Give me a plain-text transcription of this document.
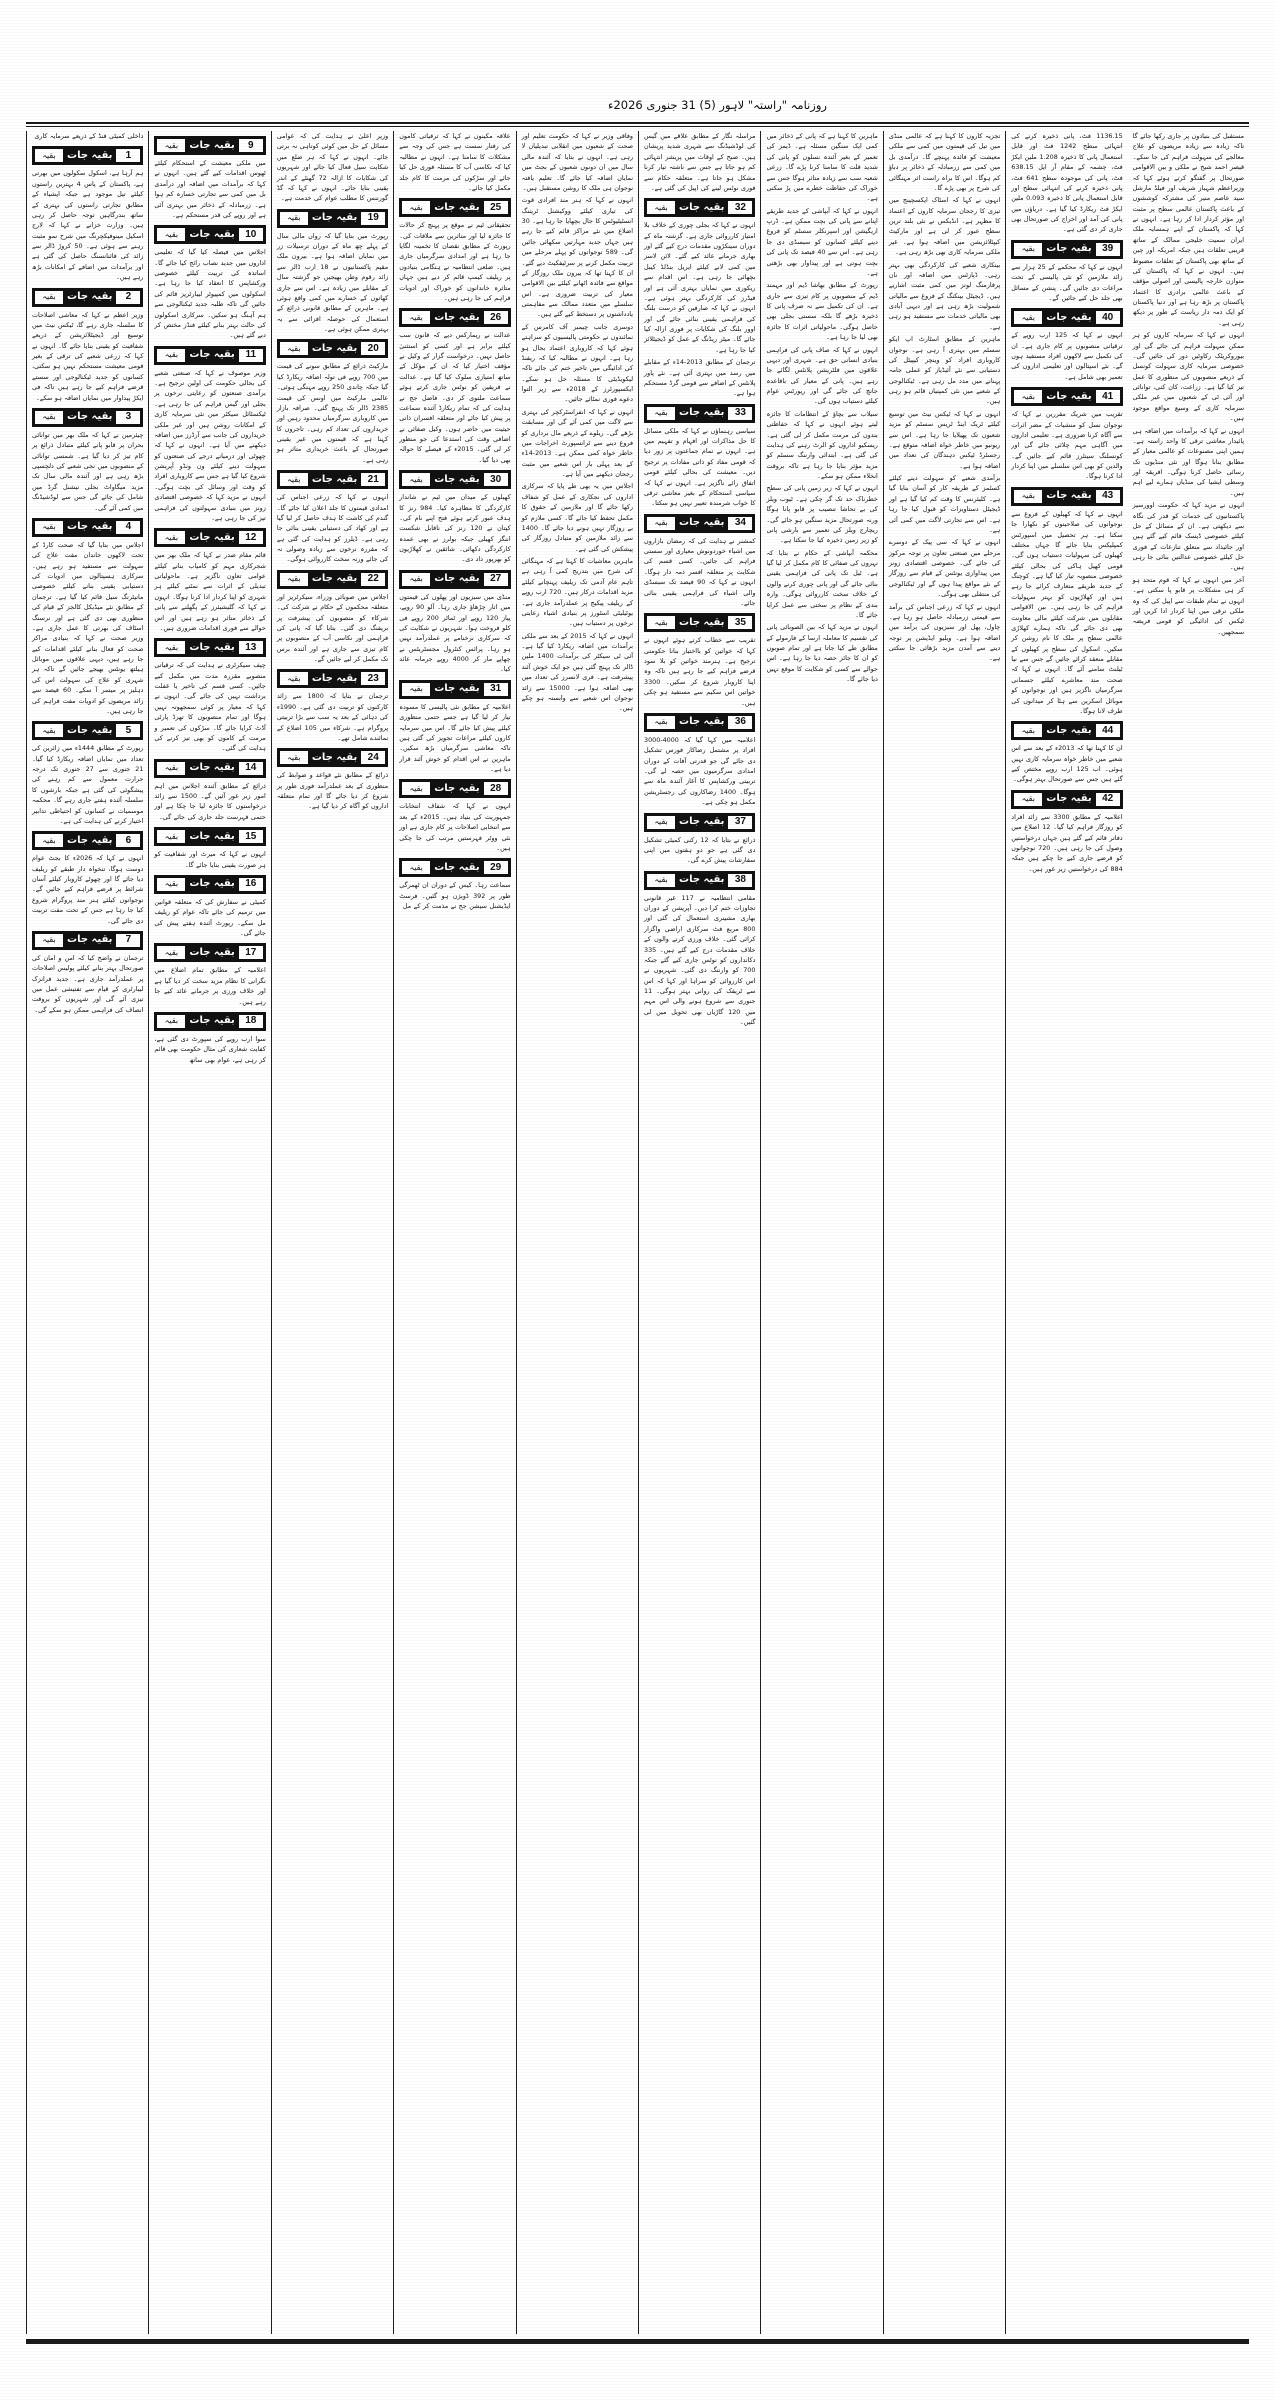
روزنامہ "راستہ" لاہور (5) 31 جنوری 2026ء

داخلی کمیٹی فنڈ کے ذریعے سرمایہ کاری

بقیہ	بقیہ جات	1

ہم آرہا ہے، اسکول سکولوں میں بھرتی ہے، پاکستان کے پاس 4 بہترین راستوں کیلئے تیل موجود ہے جبکہ ایشیاء کے مطابق تجارتی راستوں کی بہتری کے ساتھ بندرگاہیں توجہ حاصل کر رہی ہیں۔ وزارت خزانے نے کہا کہ لارج اسکیل مینوفیکچرنگ میں شرح نمو مثبت رہنے سے ہوئی ہے۔ 50 کروڑ ڈالر سے زائد کی فائنانسنگ حاصل کی گئی ہے اور برآمدات میں اضافے کے امکانات بڑھ رہے ہیں۔

بقیہ	بقیہ جات	2

وزیر اعظم نے کہا کہ معاشی اصلاحات کا سلسلہ جاری رہے گا، ٹیکس نیٹ میں توسیع اور ڈیجیٹلائزیشن کے ذریعے شفافیت کو یقینی بنایا جائے گا۔ انہوں نے کہا کہ زرعی شعبے کی ترقی کے بغیر قومی معیشت مستحکم نہیں ہو سکتی، کسانوں کو جدید ٹیکنالوجی اور سستے قرضے فراہم کیے جا رہے ہیں تاکہ فی ایکڑ پیداوار میں نمایاں اضافہ ہو سکے۔

بقیہ	بقیہ جات	3

چیئرمین نے کہا کہ ملک بھر میں توانائی بحران پر قابو پانے کیلئے متبادل ذرائع پر کام تیز کر دیا گیا ہے۔ شمسی توانائی کے منصوبوں میں نجی شعبے کی دلچسپی بڑھ رہی ہے اور آئندہ مالی سال تک مزید میگاواٹ بجلی نیشنل گرڈ میں شامل کی جائے گی جس سے لوڈشیڈنگ میں کمی آئے گی۔

بقیہ	بقیہ جات	4

اجلاس میں بتایا گیا کہ صحت کارڈ کے تحت لاکھوں خاندان مفت علاج کی سہولت سے مستفید ہو رہے ہیں۔ سرکاری ہسپتالوں میں ادویات کی دستیابی یقینی بنانے کیلئے خصوصی مانیٹرنگ سیل قائم کیا گیا ہے۔ ترجمان کے مطابق نئے میڈیکل کالجز کے قیام کی منظوری بھی دی گئی ہے اور نرسنگ اسٹاف کی بھرتی کا عمل جاری ہے۔ وزیر صحت نے کہا کہ بنیادی مراکز صحت کو فعال بنانے کیلئے اقدامات کیے جا رہے ہیں، دیہی علاقوں میں موبائل ہیلتھ یونٹس بھیجے جائیں گے تاکہ ہر شہری کو علاج کی سہولت اس کی دہلیز پر میسر آ سکے۔ 60 فیصد سے زائد مریضوں کو ادویات مفت فراہم کی جا رہی ہیں۔

بقیہ	بقیہ جات	5

رپورٹ کے مطابق 1444ء میں زائرین کی تعداد میں نمایاں اضافہ ریکارڈ کیا گیا۔ 21 جنوری سے 27 جنوری تک درجہ حرارت معمول سے کم رہنے کی پیشگوئی کی گئی ہے جبکہ بارشوں کا سلسلہ آئندہ ہفتے جاری رہے گا۔ محکمہ موسمیات نے کسانوں کو احتیاطی تدابیر اختیار کرنے کی ہدایت کی ہے۔

بقیہ	بقیہ جات	6

انہوں نے کہا کہ 2026ء کا بجٹ عوام دوست ہوگا، تنخواہ دار طبقے کو ریلیف دیا جائے گا اور چھوٹے کاروبار کیلئے آسان شرائط پر قرضے فراہم کیے جائیں گے۔ نوجوانوں کیلئے ہنر مند پروگرام شروع کیا جا رہا ہے جس کے تحت مفت تربیت دی جائے گی۔

بقیہ	بقیہ جات	7

ترجمان نے واضح کیا کہ امن و امان کی صورتحال بہتر بنانے کیلئے پولیس اصلاحات پر عملدرآمد جاری ہے۔ جدید فرانزک لیبارٹری کے قیام سے تفتیشی عمل میں تیزی آئے گی اور شہریوں کو بروقت انصاف کی فراہمی ممکن ہو سکے گی۔

بقیہ	بقیہ جات	9

میں ملکی معیشت کے استحکام کیلئے ٹھوس اقدامات کیے گئے ہیں۔ انہوں نے کہا کہ برآمدات میں اضافہ اور درآمدی بل میں کمی سے تجارتی خسارہ کم ہوا ہے۔ زرمبادلہ کے ذخائر میں بہتری آئی ہے اور روپے کی قدر مستحکم ہے۔

بقیہ	بقیہ جات	10

اجلاس میں فیصلہ کیا گیا کہ تعلیمی اداروں میں جدید نصاب رائج کیا جائے گا۔ اساتذہ کی تربیت کیلئے خصوصی ورکشاپس کا انعقاد کیا جا رہا ہے۔ اسکولوں میں کمپیوٹر لیبارٹریز قائم کی جائیں گی تاکہ طلبہ جدید ٹیکنالوجی سے ہم آہنگ ہو سکیں۔ سرکاری اسکولوں کی حالت بہتر بنانے کیلئے فنڈز مختص کر دیے گئے ہیں۔

بقیہ	بقیہ جات	11

وزیر موصوف نے کہا کہ صنعتی شعبے کی بحالی حکومت کی اولین ترجیح ہے۔ برآمدی صنعتوں کو رعایتی نرخوں پر بجلی اور گیس فراہم کی جا رہی ہے۔ ٹیکسٹائل سیکٹر میں نئی سرمایہ کاری کے امکانات روشن ہیں اور غیر ملکی خریداروں کی جانب سے آرڈرز میں اضافہ دیکھنے میں آیا ہے۔ انہوں نے کہا کہ چھوٹی اور درمیانے درجے کی صنعتوں کو سہولت دینے کیلئے ون ونڈو آپریشن شروع کیا گیا ہے جس سے کاروباری افراد کو وقت اور وسائل کی بچت ہوگی۔ انہوں نے مزید کہا کہ خصوصی اقتصادی زونز میں بنیادی سہولتوں کی فراہمی تیز کی جا رہی ہے۔

بقیہ	بقیہ جات	12

قائم مقام صدر نے کہا کہ ملک بھر میں شجرکاری مہم کو کامیاب بنانے کیلئے عوامی تعاون ناگزیر ہے۔ ماحولیاتی تبدیلی کے اثرات سے نمٹنے کیلئے ہر شہری کو اپنا کردار ادا کرنا ہوگا۔ انہوں نے کہا کہ گلیشیئرز کے پگھلنے سے پانی کے ذخائر متاثر ہو رہے ہیں اور اس حوالے سے فوری اقدامات ضروری ہیں۔

بقیہ	بقیہ جات	13

چیف سیکرٹری نے ہدایت کی کہ ترقیاتی منصوبے مقررہ مدت میں مکمل کیے جائیں۔ کسی قسم کی تاخیر یا غفلت برداشت نہیں کی جائے گی۔ انہوں نے کہا کہ معیار پر کوئی سمجھوتہ نہیں ہوگا اور تمام منصوبوں کا تھرڈ پارٹی آڈٹ کرایا جائے گا۔ سڑکوں کی تعمیر و مرمت کے کاموں کو بھی تیز کرنے کی ہدایت کی گئی۔

بقیہ	بقیہ جات	14

ذرائع کے مطابق آئندہ اجلاس میں اہم امور زیر غور آئیں گے۔ 1500 سے زائد درخواستوں کا جائزہ لیا جا چکا ہے اور حتمی فہرست جلد جاری کی جائے گی۔

بقیہ	بقیہ جات	15

انہوں نے کہا کہ میرٹ اور شفافیت کو ہر صورت یقینی بنایا جائے گا۔

بقیہ	بقیہ جات	16

کمیٹی نے سفارش کی کہ متعلقہ قوانین میں ترمیم کی جائے تاکہ عوام کو ریلیف مل سکے۔ رپورٹ آئندہ ہفتے پیش کی جائے گی۔

بقیہ	بقیہ جات	17

اعلامیہ کے مطابق تمام اضلاع میں نگرانی کا نظام مزید سخت کر دیا گیا ہے اور خلاف ورزی پر جرمانے عائد کیے جا رہے ہیں۔

بقیہ	بقیہ جات	18

سوا ارب روپے کی سپورٹ دی گئی ہے، کفایت شعاری کی مثال حکومت بھی قائم کر رہی ہے، عوام بھی ساتھ

وزیر اعلیٰ نے ہدایت کی کہ عوامی مسائل کے حل میں کوئی کوتاہی نہ برتی جائے۔ انہوں نے کہا کہ ہر ضلع میں شکایت سیل فعال کیا جائے اور شہریوں کی شکایات کا ازالہ 72 گھنٹے کے اندر یقینی بنایا جائے۔ انہوں نے کہا کہ گڈ گورننس کا مطلب عوام کی خدمت ہے۔

بقیہ	بقیہ جات	19

رپورٹ میں بتایا گیا کہ رواں مالی سال کے پہلے چھ ماہ کے دوران ترسیلات زر میں نمایاں اضافہ ہوا ہے۔ بیرون ملک مقیم پاکستانیوں نے 18 ارب ڈالر سے زائد رقوم وطن بھیجیں جو گزشتہ سال کے مقابلے میں زیادہ ہے۔ اس سے جاری کھاتوں کے خسارے میں کمی واقع ہوئی ہے۔ ماہرین کے مطابق قانونی ذرائع کے استعمال کی حوصلہ افزائی سے یہ بہتری ممکن ہوئی ہے۔

بقیہ	بقیہ جات	20

مارکیٹ ذرائع کے مطابق سونے کی قیمت میں 700 روپے فی تولہ اضافہ ریکارڈ کیا گیا جبکہ چاندی 250 روپے مہنگی ہوئی۔ عالمی مارکیٹ میں اونس کی قیمت 2385 ڈالر تک پہنچ گئی۔ صرافہ بازار میں کاروباری سرگرمیاں محدود رہیں اور خریداروں کی تعداد کم رہی۔ تاجروں کا کہنا ہے کہ قیمتوں میں غیر یقینی صورتحال کے باعث خریداری متاثر ہو رہی ہے۔

بقیہ	بقیہ جات	21

انہوں نے کہا کہ زرعی اجناس کی امدادی قیمتوں کا جلد اعلان کیا جائے گا۔ گندم کی کاشت کا ہدف حاصل کر لیا گیا ہے اور کھاد کی دستیابی یقینی بنائی جا رہی ہے۔ ڈیلرز کو ہدایت کی گئی ہے کہ مقررہ نرخوں سے زیادہ وصولی نہ کی جائے ورنہ سخت کارروائی ہوگی۔

بقیہ	بقیہ جات	22

اجلاس میں صوبائی وزراء، سیکرٹریز اور متعلقہ محکموں کے حکام نے شرکت کی۔ شرکاء کو منصوبوں کی پیشرفت پر بریفنگ دی گئی۔ بتایا گیا کہ پانی کی فراہمی اور نکاسی آب کے منصوبوں پر کام تیزی سے جاری ہے اور آئندہ برس تک مکمل کر لیے جائیں گے۔

بقیہ	بقیہ جات	23

ترجمان نے بتایا کہ 1800 سے زائد کارکنوں کو تربیت دی گئی ہے۔ 1990ء کی دہائی کے بعد یہ سب سے بڑا تربیتی پروگرام ہے۔ شرکاء میں 105 اضلاع کے نمائندے شامل تھے۔

بقیہ	بقیہ جات	24

ذرائع کے مطابق نئے قواعد و ضوابط کی منظوری کے بعد عملدرآمد فوری طور پر شروع کر دیا جائے گا اور تمام متعلقہ اداروں کو آگاہ کر دیا گیا ہے۔

علاقہ مکینوں نے کہا کہ ترقیاتی کاموں کی رفتار سست ہے جس کی وجہ سے مشکلات کا سامنا ہے۔ انہوں نے مطالبہ کیا کہ نکاسی آب کا مسئلہ فوری حل کیا جائے اور سڑکوں کی مرمت کا کام جلد مکمل کیا جائے۔

بقیہ	بقیہ جات	25

تحقیقاتی ٹیم نے موقع پر پہنچ کر حالات کا جائزہ لیا اور متاثرین سے ملاقات کی۔ رپورٹ کے مطابق نقصان کا تخمینہ لگایا جا رہا ہے اور امدادی سرگرمیاں جاری ہیں۔ ضلعی انتظامیہ نے ہنگامی بنیادوں پر ریلیف کیمپ قائم کر دیے ہیں جہاں متاثرہ خاندانوں کو خوراک اور ادویات فراہم کی جا رہی ہیں۔

بقیہ	بقیہ جات	26

عدالت نے ریمارکس دیے کہ قانون سب کیلئے برابر ہے اور کسی کو استثنیٰ حاصل نہیں۔ درخواست گزار کے وکیل نے مؤقف اختیار کیا کہ ان کے مؤکل کے ساتھ امتیازی سلوک کیا گیا ہے۔ عدالت نے فریقین کو نوٹس جاری کرتے ہوئے سماعت ملتوی کر دی۔ فاضل جج نے ہدایت کی کہ تمام ریکارڈ آئندہ سماعت پر پیش کیا جائے اور متعلقہ افسران ذاتی حیثیت میں حاضر ہوں۔ وکیل صفائی نے اضافی وقت کی استدعا کی جو منظور کر لی گئی۔ 2015ء کے فیصلے کا حوالہ بھی دیا گیا۔

بقیہ	بقیہ جات	30

کھیلوں کے میدان میں ٹیم نے شاندار کارکردگی کا مظاہرہ کیا۔ 984 رنز کا ہدف عبور کرتے ہوئے فتح اپنے نام کی۔ کپتان نے 120 رنز کی ناقابل شکست اننگز کھیلی جبکہ بولرز نے بھی عمدہ کارکردگی دکھائی۔ شائقین نے کھلاڑیوں کو بھرپور داد دی۔

بقیہ	بقیہ جات	27

منڈی میں سبزیوں اور پھلوں کی قیمتوں میں اتار چڑھاؤ جاری رہا۔ آلو 90 روپے، پیاز 120 روپے اور ٹماٹر 200 روپے فی کلو فروخت ہوا۔ شہریوں نے شکایت کی کہ سرکاری نرخنامے پر عملدرآمد نہیں ہو رہا۔ پرائس کنٹرول مجسٹریٹس نے چھاپے مار کر 4000 روپے جرمانہ عائد کیا۔

بقیہ	بقیہ جات	31

اعلامیہ کے مطابق نئی پالیسی کا مسودہ تیار کر لیا گیا ہے جسے حتمی منظوری کیلئے پیش کیا جائے گا۔ اس میں سرمایہ کاروں کیلئے مراعات تجویز کی گئی ہیں تاکہ معاشی سرگرمیاں بڑھ سکیں۔ ماہرین نے اس اقدام کو خوش آئند قرار دیا ہے۔

بقیہ	بقیہ جات	28

انہوں نے کہا کہ شفاف انتخابات جمہوریت کی بنیاد ہیں۔ 2015ء کے بعد سے انتخابی اصلاحات پر کام جاری ہے اور نئی ووٹر فہرستیں مرتب کی جا چکی ہیں۔

بقیہ	بقیہ جات	29

سماعت رہا۔ کیس کے دوران ان ٹھمرگی طور پر 392 ڈویژن ہو گئیں۔ فرسٹ ایڈیشنل سیشن جج نے مذمت کر کے مل

وفاقی وزیر نے کہا کہ حکومت تعلیم اور صحت کے شعبوں میں انقلابی تبدیلیاں لا رہی ہے۔ انہوں نے بتایا کہ آئندہ مالی سال میں ان دونوں شعبوں کے بجٹ میں نمایاں اضافہ کیا جائے گا۔ تعلیم یافتہ نوجوان ہی ملک کا روشن مستقبل ہیں۔

انہوں نے کہا کہ ہنر مند افرادی قوت کی تیاری کیلئے ووکیشنل ٹریننگ انسٹیٹیوٹس کا جال بچھایا جا رہا ہے۔ 30 اضلاع میں نئے مراکز قائم کیے جا رہے ہیں جہاں جدید مہارتیں سکھائی جائیں گی۔ 589 نوجوانوں کو پہلے مرحلے میں تربیت مکمل کرنے پر سرٹیفکیٹ دیے گئے۔ ان کا کہنا تھا کہ بیرون ملک روزگار کے مواقع سے فائدہ اٹھانے کیلئے بین الاقوامی معیار کی تربیت ضروری ہے۔ اس سلسلے میں متعدد ممالک سے مفاہمتی یادداشتوں پر دستخط کیے گئے ہیں۔

دوسری جانب چیمبر آف کامرس کے نمائندوں نے حکومتی پالیسیوں کو سراہتے ہوئے کہا کہ کاروباری اعتماد بحال ہو رہا ہے۔ انہوں نے مطالبہ کیا کہ ریفنڈ کی ادائیگی میں تاخیر ختم کی جائے تاکہ لیکویڈیٹی کا مسئلہ حل ہو سکے۔ ایکسپورٹرز کے 2018ء سے زیر التوا دعوے فوری نمٹائے جائیں۔

انہوں نے کہا کہ انفراسٹرکچر کی بہتری سے لاگت میں کمی آئے گی اور مسابقت بڑھے گی۔ ریلوے کے ذریعے مال برداری کو فروغ دینے سے ٹرانسپورٹ اخراجات میں خاطر خواہ کمی ممکن ہے۔ 2013-14ء کے بعد پہلی بار اس شعبے میں مثبت رجحان دیکھنے میں آیا ہے۔

اجلاس میں یہ بھی طے پایا کہ سرکاری اداروں کی نجکاری کے عمل کو شفاف رکھا جائے گا اور ملازمین کے حقوق کا مکمل تحفظ کیا جائے گا۔ کسی ملازم کو بے روزگار نہیں ہونے دیا جائے گا۔ 1400 سے زائد ملازمین کو متبادل روزگار کی پیشکش کی گئی ہے۔

ماہرین معاشیات کا کہنا ہے کہ مہنگائی کی شرح میں بتدریج کمی آ رہی ہے تاہم عام آدمی تک ریلیف پہنچانے کیلئے مزید اقدامات درکار ہیں۔ 720 ارب روپے کے ریلیف پیکیج پر عملدرآمد جاری ہے۔ یوٹیلیٹی اسٹورز پر بنیادی اشیاء رعایتی نرخوں پر دستیاب ہیں۔

انہوں نے کہا کہ 2015 کے بعد سے ملکی برآمدات میں اضافہ ریکارڈ کیا گیا ہے۔ آئی ٹی سیکٹر کی برآمدات 1400 ملین ڈالر تک پہنچ گئی ہیں جو ایک خوش آئند پیشرفت ہے۔ فری لانسرز کی تعداد میں بھی اضافہ ہوا ہے۔ 15000 سے زائد نوجوان اس شعبے سے وابستہ ہو چکے ہیں۔

مراسلہ نگار کے مطابق علاقے میں گیس کی لوڈشیڈنگ سے شہری شدید پریشان ہیں۔ صبح کے اوقات میں پریشر انتہائی کم ہو جاتا ہے جس سے ناشتہ تیار کرنا مشکل ہو جاتا ہے۔ متعلقہ حکام سے فوری نوٹس لینے کی اپیل کی گئی ہے۔

بقیہ	بقیہ جات	32

انہوں نے کہا کہ بجلی چوری کے خلاف بلا امتیاز کارروائی جاری ہے۔ گزشتہ ماہ کے دوران سینکڑوں مقدمات درج کیے گئے اور بھاری جرمانے عائد کیے گئے۔ لائن لاسز میں کمی لانے کیلئے ایریل بنڈلڈ کیبل بچھائی جا رہی ہے۔ اس اقدام سے ریکوری میں نمایاں بہتری آئی ہے اور فیڈرز کی کارکردگی بہتر ہوئی ہے۔ انہوں نے کہا کہ صارفین کو درست بلنگ کی فراہمی یقینی بنائی جائے گی اور اوور بلنگ کی شکایات پر فوری ازالہ کیا جائے گا۔ میٹر ریڈنگ کے عمل کو ڈیجیٹلائز کیا جا رہا ہے۔

ترجمان کے مطابق 2013-14ء کے مقابلے میں رسد میں بہتری آئی ہے۔ نئے پاور پلانٹس کے اضافے سے قومی گرڈ مستحکم ہوا ہے۔

بقیہ	بقیہ جات	33

سیاسی رہنماؤں نے کہا کہ ملکی مسائل کا حل مذاکرات اور افہام و تفہیم میں ہے۔ انہوں نے تمام جماعتوں پر زور دیا کہ قومی مفاد کو ذاتی مفادات پر ترجیح دیں۔ معیشت کی بحالی کیلئے قومی اتفاق رائے ناگزیر ہے۔ انہوں نے کہا کہ سیاسی استحکام کے بغیر معاشی ترقی کا خواب شرمندہ تعبیر نہیں ہو سکتا۔

بقیہ	بقیہ جات	34

کمشنر نے ہدایت کی کہ رمضان بازاروں میں اشیاء خوردونوش معیاری اور سستی فراہم کی جائیں۔ کسی قسم کی شکایت پر متعلقہ افسر ذمہ دار ہوگا۔ انہوں نے کہا کہ 90 فیصد تک سبسڈی والی اشیاء کی فراہمی یقینی بنائی جائے۔

بقیہ	بقیہ جات	35

تقریب سے خطاب کرتے ہوئے انہوں نے کہا کہ خواتین کو بااختیار بنانا حکومتی ترجیح ہے۔ ہنرمند خواتین کو بلا سود قرضے فراہم کیے جا رہے ہیں تاکہ وہ اپنا کاروبار شروع کر سکیں۔ 3300 خواتین اس سکیم سے مستفید ہو چکی ہیں۔

بقیہ	بقیہ جات	36

اعلامیہ میں کہا گیا کہ 4000-3000 افراد پر مشتمل رضاکار فورس تشکیل دی جائے گی جو قدرتی آفات کے دوران امدادی سرگرمیوں میں حصہ لے گی۔ تربیتی ورکشاپس کا آغاز آئندہ ماہ سے ہوگا۔ 1400 رضاکاروں کی رجسٹریشن مکمل ہو چکی ہے۔

بقیہ	بقیہ جات	37

ذرائع نے بتایا کہ 12 رکنی کمیٹی تشکیل دی گئی ہے جو دو ہفتوں میں اپنی سفارشات پیش کرے گی۔

بقیہ	بقیہ جات	38

مقامی انتظامیہ نے 117 غیر قانونی تجاوزات ختم کرا دیں۔ آپریشن کے دوران بھاری مشینری استعمال کی گئی اور 800 مربع فٹ سرکاری اراضی واگزار کرائی گئی۔ خلاف ورزی کرنے والوں کے خلاف مقدمات درج کیے گئے ہیں۔ 335 دکانداروں کو نوٹس جاری کیے گئے جبکہ 700 کو وارننگ دی گئی۔ شہریوں نے اس کارروائی کو سراہا اور کہا کہ اس سے ٹریفک کی روانی بہتر ہوگی۔ 11 جنوری سے شروع ہونے والی اس مہم میں 120 گاڑیاں بھی تحویل میں لی گئیں۔

ماہرین کا کہنا ہے کہ پانی کے ذخائر میں کمی ایک سنگین مسئلہ ہے۔ ڈیمز کی تعمیر کے بغیر آئندہ نسلوں کو پانی کی شدید قلت کا سامنا کرنا پڑے گا۔ زرعی شعبہ سب سے زیادہ متاثر ہوگا جس سے خوراک کی حفاظت خطرے میں پڑ سکتی ہے۔

انہوں نے کہا کہ آبپاشی کے جدید طریقے اپنانے سے پانی کی بچت ممکن ہے۔ ڈرپ اریگیشن اور اسپرنکلر سسٹم کو فروغ دینے کیلئے کسانوں کو سبسڈی دی جا رہی ہے۔ اس سے 40 فیصد تک پانی کی بچت ہوتی ہے اور پیداوار بھی بڑھتی ہے۔

رپورٹ کے مطابق بھاشا ڈیم اور مہمند ڈیم کے منصوبوں پر کام تیزی سے جاری ہے۔ ان کی تکمیل سے نہ صرف پانی کا ذخیرہ بڑھے گا بلکہ سستی بجلی بھی حاصل ہوگی۔ ماحولیاتی اثرات کا جائزہ بھی لیا جا رہا ہے۔

انہوں نے کہا کہ صاف پانی کی فراہمی بنیادی انسانی حق ہے۔ شہری اور دیہی علاقوں میں فلٹریشن پلانٹس لگائے جا رہے ہیں۔ پانی کے معیار کی باقاعدہ جانچ کی جائے گی اور رپورٹس عوام کیلئے دستیاب ہوں گی۔

سیلاب سے بچاؤ کے انتظامات کا جائزہ لیتے ہوئے انہوں نے کہا کہ حفاظتی بندوں کی مرمت مکمل کر لی گئی ہے۔ ریسکیو اداروں کو الرٹ رہنے کی ہدایت کی گئی ہے۔ ابتدائی وارننگ سسٹم کو مزید مؤثر بنایا جا رہا ہے تاکہ بروقت انخلاء ممکن ہو سکے۔

انہوں نے کہا کہ زیر زمین پانی کی سطح خطرناک حد تک گر چکی ہے۔ ٹیوب ویلز کی بے تحاشا تنصیب پر قابو پانا ہوگا ورنہ صورتحال مزید سنگین ہو جائے گی۔ ریچارج ویلز کی تعمیر سے بارشی پانی کو زیر زمین ذخیرہ کیا جا سکتا ہے۔

محکمہ آبپاشی کے حکام نے بتایا کہ نہروں کی صفائی کا کام مکمل کر لیا گیا ہے۔ ٹیل تک پانی کی فراہمی یقینی بنائی جائے گی اور پانی چوری کرنے والوں کے خلاف سخت کارروائی ہوگی۔ وارہ بندی کے نظام پر سختی سے عمل کرایا جائے گا۔

انہوں نے مزید کہا کہ بین الصوبائی پانی کی تقسیم کا معاملہ ارسا کے فارمولے کے مطابق طے کیا جاتا ہے اور تمام صوبوں کو ان کا جائز حصہ دیا جا رہا ہے۔ اس حوالے سے کسی کو شکایت کا موقع نہیں دیا جائے گا۔

تجزیہ کاروں کا کہنا ہے کہ عالمی منڈی میں تیل کی قیمتوں میں کمی سے ملکی معیشت کو فائدہ پہنچے گا۔ درآمدی بل میں کمی سے زرمبادلہ کے ذخائر پر دباؤ کم ہوگا۔ اس کا براہ راست اثر مہنگائی کی شرح پر بھی پڑے گا۔

انہوں نے کہا کہ اسٹاک ایکسچینج میں تیزی کا رجحان سرمایہ کاروں کے اعتماد کا مظہر ہے۔ انڈیکس نے نئی بلند ترین سطح عبور کر لی ہے اور مارکیٹ کیپٹلائزیشن میں اضافہ ہوا ہے۔ غیر ملکی سرمایہ کاری بھی بڑھ رہی ہے۔

بینکاری شعبے کی کارکردگی بھی بہتر رہی۔ ڈپازٹس میں اضافہ اور نان پرفارمنگ لونز میں کمی مثبت اشاریے ہیں۔ ڈیجیٹل بینکنگ کے فروغ سے مالیاتی شمولیت بڑھ رہی ہے اور دیہی آبادی بھی مالیاتی خدمات سے مستفید ہو رہی ہے۔

ماہرین کے مطابق اسٹارٹ اپ ایکو سسٹم میں بہتری آ رہی ہے۔ نوجوان کاروباری افراد کو وینچر کیپیٹل کی دستیابی سے نئے آئیڈیاز کو عملی جامہ پہنانے میں مدد مل رہی ہے۔ ٹیکنالوجی کے شعبے میں نئی کمپنیاں قائم ہو رہی ہیں۔

انہوں نے کہا کہ ٹیکس نیٹ میں توسیع کیلئے ٹریک اینڈ ٹریس سسٹم کو مزید شعبوں تک پھیلایا جا رہا ہے۔ اس سے ریونیو میں خاطر خواہ اضافہ متوقع ہے۔ رجسٹرڈ ٹیکس دہندگان کی تعداد میں اضافہ ہوا ہے۔

برآمدی شعبے کو سہولت دینے کیلئے کسٹمز کے طریقہ کار کو آسان بنایا گیا ہے۔ کلیئرنس کا وقت کم کیا گیا ہے اور ڈیجیٹل دستاویزات کو قبول کیا جا رہا ہے۔ اس سے تجارتی لاگت میں کمی آئی ہے۔

انہوں نے کہا کہ سی پیک کے دوسرے مرحلے میں صنعتی تعاون پر توجہ مرکوز کی جائے گی۔ خصوصی اقتصادی زونز میں پیداواری یونٹس کے قیام سے روزگار کے نئے مواقع پیدا ہوں گے اور ٹیکنالوجی کی منتقلی بھی ہوگی۔

انہوں نے کہا کہ زرعی اجناس کی برآمد سے قیمتی زرمبادلہ حاصل ہو رہا ہے۔ چاول، پھل اور سبزیوں کی برآمد میں اضافہ ہوا ہے۔ ویلیو ایڈیشن پر توجہ دینے سے آمدن مزید بڑھائی جا سکتی ہے۔

1136.15 فٹ، پانی ذخیرہ کرنے کی انتہائی سطح 1242 فٹ اور قابل استعمال پانی کا ذخیرہ 1.208 ملین ایکڑ فٹ، چشمہ کے مقام آر ایل 638.15 فٹ، پانی کی موجودہ سطح 641 فٹ، پانی ذخیرہ کرنے کی انتہائی سطح اور قابل استعمال پانی کا ذخیرہ 0.093 ملین ایکڑ فٹ ریکارڈ کیا گیا ہے۔ دریاؤں میں پانی کی آمد اور اخراج کی صورتحال بھی جاری کر دی گئی ہے۔

بقیہ	بقیہ جات	39

انہوں نے کہا کہ محکمے کے 25 ہزار سے زائد ملازمین کو نئی پالیسی کے تحت مراعات دی جائیں گی۔ پنشن کے مسائل بھی جلد حل کیے جائیں گے۔

بقیہ	بقیہ جات	40

انہوں نے کہا کہ 125 ارب روپے کے ترقیاتی منصوبوں پر کام جاری ہے۔ ان کی تکمیل سے لاکھوں افراد مستفید ہوں گے۔ نئے اسپتالوں اور تعلیمی اداروں کی تعمیر بھی شامل ہے۔

بقیہ	بقیہ جات	41

تقریب میں شریک مقررین نے کہا کہ نوجوان نسل کو منشیات کے مضر اثرات سے آگاہ کرنا ضروری ہے۔ تعلیمی اداروں میں آگاہی مہم چلائی جائے گی اور کونسلنگ سینٹرز قائم کیے جائیں گے۔ والدین کو بھی اس سلسلے میں اپنا کردار ادا کرنا ہوگا۔

بقیہ	بقیہ جات	43

انہوں نے کہا کہ کھیلوں کے فروغ سے نوجوانوں کی صلاحیتوں کو نکھارا جا سکتا ہے۔ ہر تحصیل میں اسپورٹس کمپلیکس بنایا جائے گا جہاں مختلف کھیلوں کی سہولیات دستیاب ہوں گی۔ قومی کھیل ہاکی کی بحالی کیلئے خصوصی منصوبہ تیار کیا گیا ہے۔ کوچنگ کے جدید طریقے متعارف کرائے جا رہے ہیں اور کھلاڑیوں کو بہتر سہولیات فراہم کی جا رہی ہیں۔ بین الاقوامی مقابلوں میں شرکت کیلئے مالی معاونت بھی دی جائے گی تاکہ ہمارے کھلاڑی عالمی سطح پر ملک کا نام روشن کر سکیں۔ اسکول کی سطح پر کھیلوں کے مقابلے منعقد کرائے جائیں گے جس سے نیا ٹیلنٹ سامنے آئے گا۔ انہوں نے کہا کہ صحت مند معاشرے کیلئے جسمانی سرگرمیاں ناگزیر ہیں اور نوجوانوں کو موبائل اسکرین سے ہٹا کر میدانوں کی طرف لانا ہوگا۔

بقیہ	بقیہ جات	44

ان کا کہنا تھا کہ 2013ء کے بعد سے اس شعبے میں خاطر خواہ سرمایہ کاری نہیں ہوئی۔ اب 125 ارب روپے مختص کیے گئے ہیں جس سے صورتحال بہتر ہوگی۔

بقیہ	بقیہ جات	42

اعلامیہ کے مطابق 3300 سے زائد افراد کو روزگار فراہم کیا گیا۔ 12 اضلاع میں دفاتر قائم کیے گئے ہیں جہاں درخواستیں وصول کی جا رہی ہیں۔ 720 نوجوانوں کو قرضے جاری کیے جا چکے ہیں جبکہ 884 کی درخواستیں زیر غور ہیں۔

مستقبل کی بنیادوں پر جاری رکھا جائے گا تاکہ زیادہ سے زیادہ مریضوں کو علاج معالجے کی سہولت فراہم کی جا سکے۔ قیصر احمد شیخ نے ملکی و بین الاقوامی صورتحال پر گفتگو کرتے ہوئے کہا کہ وزیراعظم شہباز شریف اور فیلڈ مارشل سید عاصم منیر کی مشترکہ کوششوں کے باعث پاکستان عالمی سطح پر مثبت اور مؤثر کردار ادا کر رہا ہے۔ انہوں نے کہا کہ پاکستان کے اپنے ہمسایہ ملک ایران سمیت خلیجی ممالک کے ساتھ قریبی تعلقات ہیں جبکہ امریکہ اور چین کے ساتھ بھی پاکستان کے تعلقات مضبوط ہیں۔ انہوں نے کہا کہ پاکستان کی متوازن خارجہ پالیسی اور اصولی مؤقف کے باعث عالمی برادری کا اعتماد پاکستان پر بڑھ رہا ہے اور دنیا پاکستان کو ایک ذمہ دار ریاست کے طور پر دیکھ رہی ہے۔

انہوں نے کہا کہ سرمایہ کاروں کو ہر ممکن سہولت فراہم کی جائے گی اور بیوروکریٹک رکاوٹیں دور کی جائیں گی۔ خصوصی سرمایہ کاری سہولت کونسل کے ذریعے منصوبوں کی منظوری کا عمل تیز کیا گیا ہے۔ زراعت، کان کنی، توانائی اور آئی ٹی کے شعبوں میں غیر ملکی سرمایہ کاری کے وسیع مواقع موجود ہیں۔

انہوں نے کہا کہ برآمدات میں اضافہ ہی پائیدار معاشی ترقی کا واحد راستہ ہے۔ ہمیں اپنی مصنوعات کو عالمی معیار کے مطابق بنانا ہوگا اور نئی منڈیوں تک رسائی حاصل کرنا ہوگی۔ افریقہ اور وسطی ایشیا کی منڈیاں ہمارے لیے اہم ہیں۔

انہوں نے مزید کہا کہ حکومت اوورسیز پاکستانیوں کی خدمات کو قدر کی نگاہ سے دیکھتی ہے۔ ان کے مسائل کے حل کیلئے خصوصی ڈیسک قائم کیے گئے ہیں اور جائیداد سے متعلق تنازعات کے فوری حل کیلئے خصوصی عدالتیں بنائی جا رہی ہیں۔

آخر میں انہوں نے کہا کہ قوم متحد ہو کر ہی مشکلات پر قابو پا سکتی ہے۔ انہوں نے تمام طبقات سے اپیل کی کہ وہ ملکی ترقی میں اپنا کردار ادا کریں اور ٹیکس کی ادائیگی کو قومی فریضہ سمجھیں۔
